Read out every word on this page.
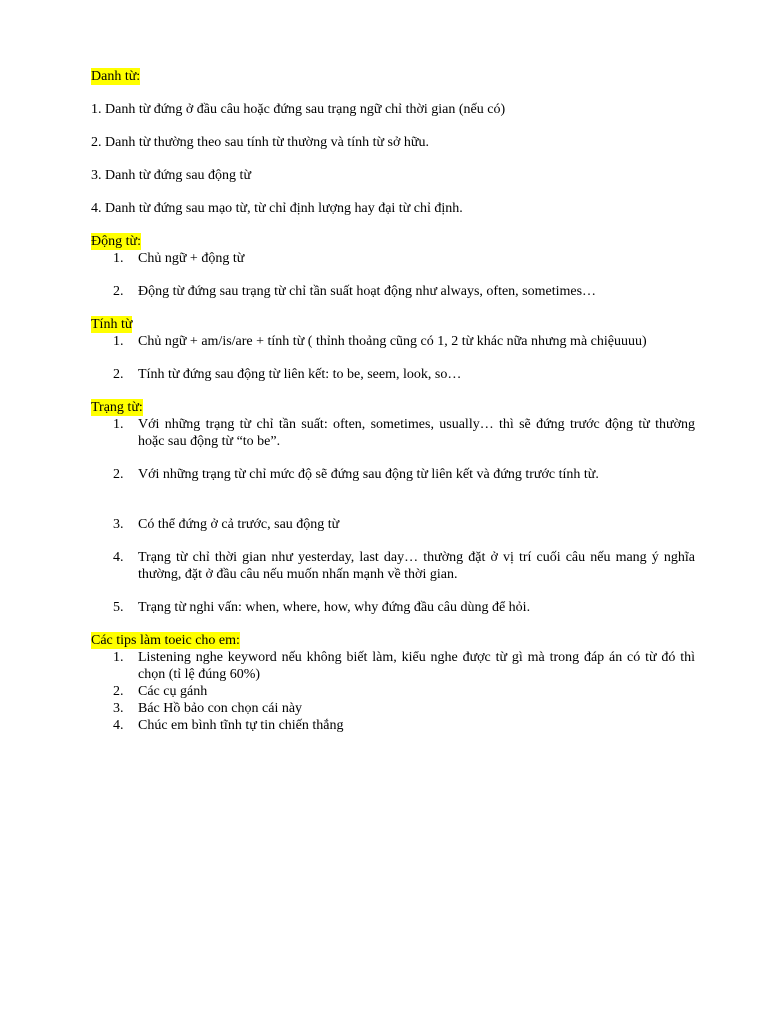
Danh từ:

1. Danh từ đứng ở đầu câu hoặc đứng sau trạng ngữ chỉ thời gian (nếu có)

2. Danh từ thường theo sau tính từ thường và tính từ sở hữu.

3. Danh từ đứng sau động từ

4. Danh từ đứng sau mạo từ, từ chỉ định lượng hay đại từ chỉ định.

Động từ:
1. Chủ ngữ + động từ
2. Động từ đứng sau trạng từ chỉ tần suất hoạt động như always, often, sometimes…
Tính từ
1. Chủ ngữ + am/is/are + tính từ ( thỉnh thoảng cũng có 1, 2 từ khác nữa nhưng mà chiệuuuu)
2. Tính từ đứng sau động từ liên kết: to be, seem, look, so…
Trạng từ:
1. Với những trạng từ chỉ tần suất: often, sometimes, usually… thì sẽ đứng trước động từ thường hoặc sau động từ “to be”.
2. Với những trạng từ chỉ mức độ sẽ đứng sau động từ liên kết và đứng trước tính từ.
3. Có thể đứng ở cả trước, sau động từ
4. Trạng từ chỉ thời gian như yesterday, last day… thường đặt ở vị trí cuối câu nếu mang ý nghĩa thường, đặt ở đầu câu nếu muốn nhấn mạnh về thời gian.
5. Trạng từ nghi vấn: when, where, how, why đứng đầu câu dùng để hỏi.
Các tips làm toeic cho em:
1. Listening nghe keyword nếu không biết làm, kiểu nghe được từ gì mà trong đáp án có từ đó thì chọn (tỉ lệ đúng 60%)
2. Các cụ gánh
3. Bác Hồ bảo con chọn cái này
4. Chúc em bình tĩnh tự tin chiến thắng
